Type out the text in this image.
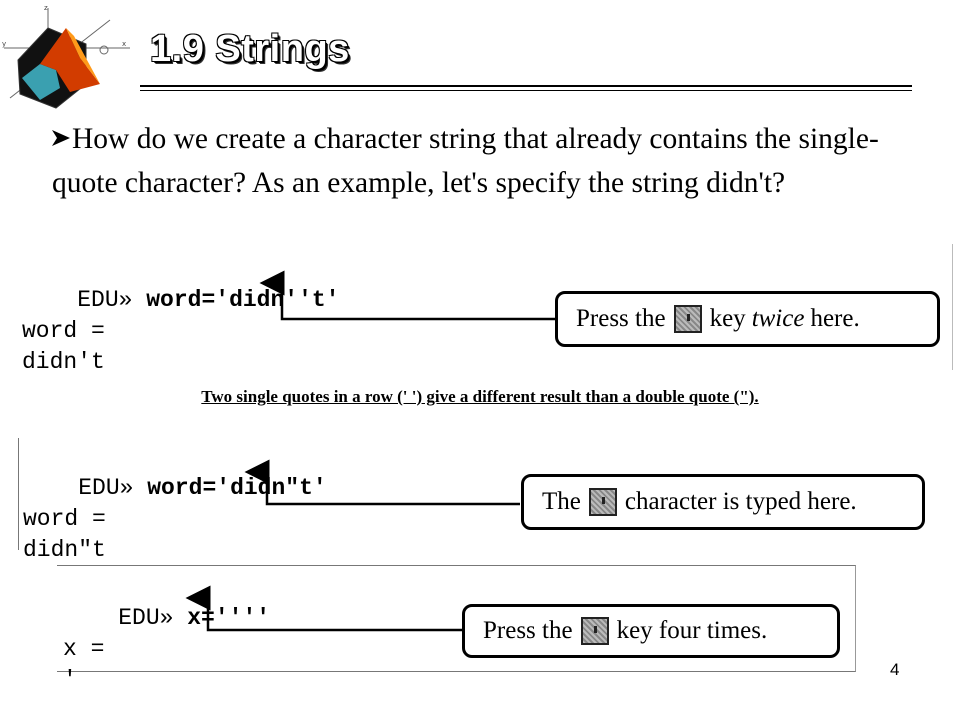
z
x
y	1.9 Strings
How do we create a character string that already contains the single-quote character? As an example, let's specify the string didn't?

EDU» word='didn''t'
word =
didn't
Press the key twice here.
Two single quotes in a row (' ') give a different result than a double quote (").

EDU» word='didn"t'
word =
didn"t
The character is typed here.

EDU» x=''''
x =
'
Press the key four times.
4
